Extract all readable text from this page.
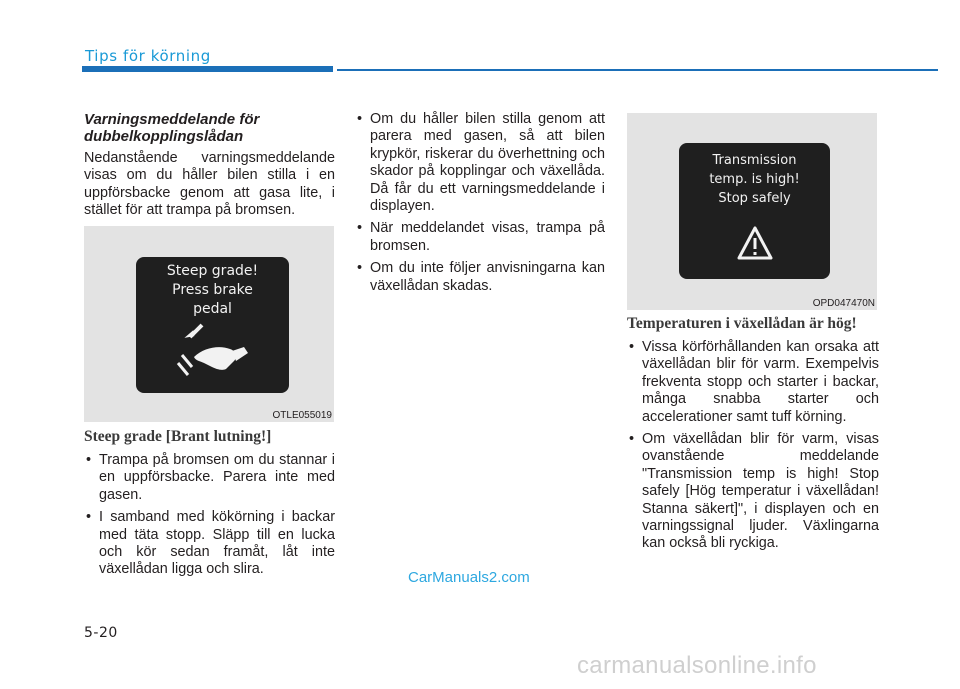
Tips för körning
Varningsmeddelande för
dubbelkopplingslådan

Nedanstående varningsmeddelande visas om du håller bilen stilla i en uppförsbacke genom att gasa lite, i stället för att trampa på bromsen.

Steep grade!
Press brake
pedal
OTLE055019
Steep grade [Brant lutning!]
• Trampa på bromsen om du stannar i en uppförsbacke. Parera inte med gasen.
• I samband med kökörning i backar med täta stopp. Släpp till en lucka och kör sedan framåt, låt inte växellådan ligga och slira.
• Om du håller bilen stilla genom att parera med gasen, så att bilen krypkör, riskerar du överhettning och skador på kopplingar och växellåda. Då får du ett varningsmeddelande i displayen.
• När meddelandet visas, trampa på bromsen.
• Om du inte följer anvisningarna kan växellådan skadas.
Transmission
temp. is high!
Stop safely
OPD047470N
Temperaturen i växellådan är hög!
• Vissa körförhållanden kan orsaka att växellådan blir för varm. Exempelvis frekventa stopp och starter i backar, många snabba starter och accelerationer samt tuff körning.
• Om växellådan blir för varm, visas ovanstående meddelande "Transmission temp is high! Stop safely [Hög temperatur i växellådan! Stanna säkert]", i displayen och en varningssignal ljuder. Växlingarna kan också bli ryckiga.
CarManuals2.com
5-20
carmanualsonline.info
